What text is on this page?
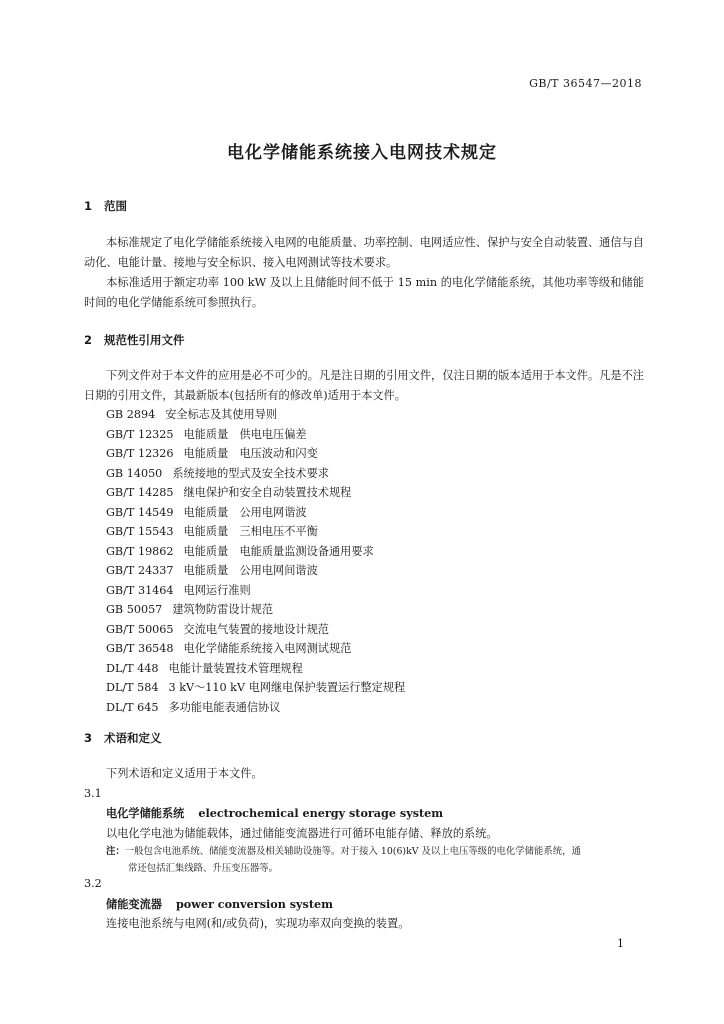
GB/T 36547—2018
电化学储能系统接入电网技术规定
1 范围
本标准规定了电化学储能系统接入电网的电能质量、功率控制、电网适应性、保护与安全自动装置、通信与自动化、电能计量、接地与安全标识、接入电网测试等技术要求。
本标准适用于额定功率 100 kW 及以上且储能时间不低于 15 min 的电化学储能系统，其他功率等级和储能时间的电化学储能系统可参照执行。
2 规范性引用文件
下列文件对于本文件的应用是必不可少的。凡是注日期的引用文件，仅注日期的版本适用于本文件。凡是不注日期的引用文件，其最新版本(包括所有的修改单)适用于本文件。
GB 2894 安全标志及其使用导则
GB/T 12325 电能质量　供电电压偏差
GB/T 12326 电能质量　电压波动和闪变
GB 14050 系统接地的型式及安全技术要求
GB/T 14285 继电保护和安全自动装置技术规程
GB/T 14549 电能质量　公用电网谐波
GB/T 15543 电能质量　三相电压不平衡
GB/T 19862 电能质量　电能质量监测设备通用要求
GB/T 24337 电能质量　公用电网间谐波
GB/T 31464 电网运行准则
GB 50057 建筑物防雷设计规范
GB/T 50065 交流电气装置的接地设计规范
GB/T 36548 电化学储能系统接入电网测试规范
DL/T 448 电能计量装置技术管理规程
DL/T 584 3 kV～110 kV 电网继电保护装置运行整定规程
DL/T 645 多功能电能表通信协议
3 术语和定义
下列术语和定义适用于本文件。
3.1
电化学储能系统 electrochemical energy storage system
以电化学电池为储能载体，通过储能变流器进行可循环电能存储、释放的系统。
注：一般包含电池系统、储能变流器及相关辅助设施等。对于接入 10(6)kV 及以上电压等级的电化学储能系统，通
常还包括汇集线路、升压变压器等。
3.2
储能变流器 power conversion system
连接电池系统与电网(和/或负荷)，实现功率双向变换的装置。
1
